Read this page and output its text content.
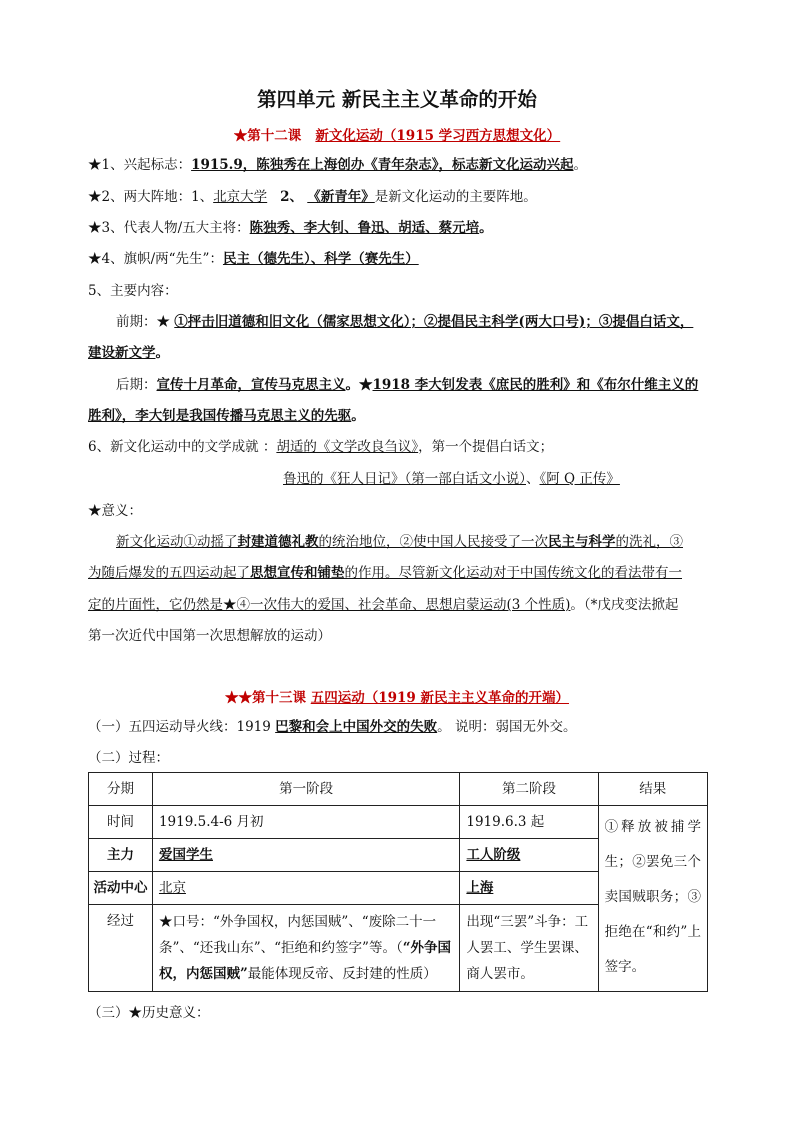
第四单元 新民主主义革命的开始
★第十二课 新文化运动（1915 学习西方思想文化）
★1、兴起标志：1915.9，陈独秀在上海创办《青年杂志》，标志新文化运动兴起。
★2、两大阵地：1、北京大学 2、 《新青年》是新文化运动的主要阵地。
★3、代表人物/五大主将：陈独秀、李大钊、鲁迅、胡适、蔡元培。
★4、旗帜/两“先生”：民主（德先生）、科学（赛先生）
5、主要内容：
前期：★ ①抨击旧道德和旧文化（儒家思想文化）；②提倡民主科学(两大口号)；③提倡白话文，
建设新文学。
后期：宣传十月革命，宣传马克思主义。★1918 李大钊发表《庶民的胜利》和《布尔什维主义的
胜利》，李大钊是我国传播马克思主义的先驱。
6、新文化运动中的文学成就 ：胡适的《文学改良刍议》，第一个提倡白话文；
鲁迅的《狂人日记》（第一部白话文小说）、《阿 Q 正传》
★意义：
新文化运动①动摇了封建道德礼教的统治地位，②使中国人民接受了一次民主与科学的洗礼，③
为随后爆发的五四运动起了思想宣传和铺垫的作用。尽管新文化运动对于中国传统文化的看法带有一
定的片面性，它仍然是★④一次伟大的爱国、社会革命、思想启蒙运动(3 个性质)。（*戊戌变法掀起
第一次近代中国第一次思想解放的运动）
★★第十三课 五四运动（1919 新民主主义革命的开端）
（一）五四运动导火线：1919 巴黎和会上中国外交的失败。 说明：弱国无外交。
（二）过程：
分期	第一阶段	第二阶段	结果
时间	1919.5.4-6 月初	1919.6.3 起	①释放被捕学生；②罢免三个卖国贼职务；③拒绝在“和约”上签字。
主力	爱国学生	工人阶级	
活动中心	北京	上海	
经过	★口号：“外争国权，内惩国贼”、“废除二十一条”、“还我山东”、“拒绝和约签字”等。（“外争国权，内惩国贼”最能体现反帝、反封建的性质）	出现“三罢”斗争：工人罢工、学生罢课、商人罢市。	
（三）★历史意义：
